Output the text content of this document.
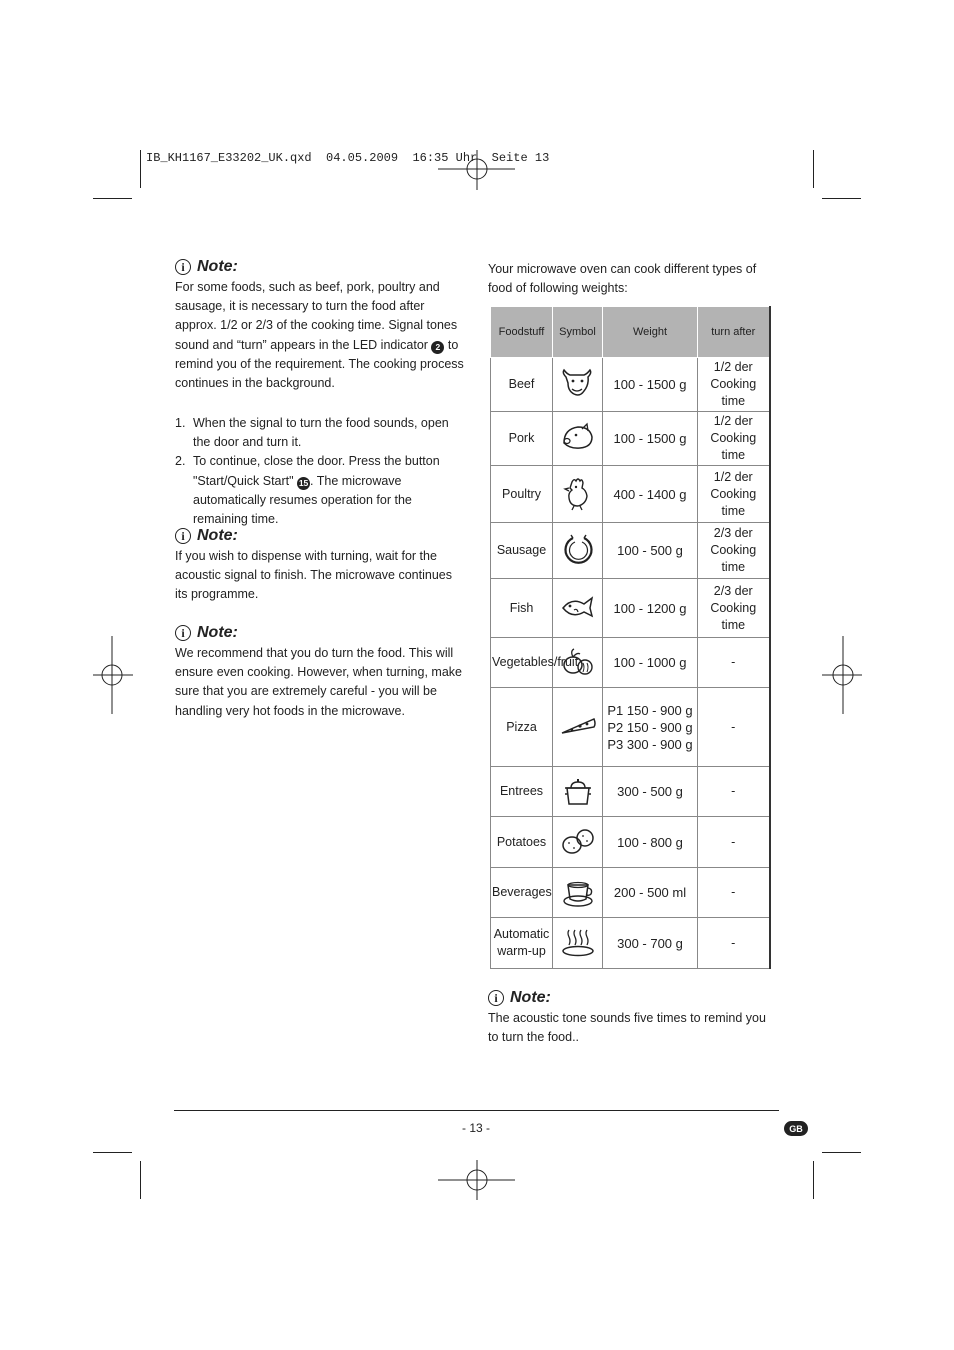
IB_KH1167_E33202_UK.qxd  04.05.2009  16:35 Uhr  Seite 13
i Note:
For some foods, such as beef, pork, poultry and sausage, it is necessary to turn the food after approx. 1/2 or 2/3 of the cooking time. Signal tones sound and “turn” appears in the LED indicator 2 to remind you of the requirement. The cooking process continues in the background.
1. When the signal to turn the food sounds, open the door and turn it.
2. To continue, close the door. Press the button "Start/Quick Start" 15 . The microwave automatically resumes operation for the remaining time.
i Note:
If you wish to dispense with turning, wait for the acoustic signal to finish. The microwave continues its programme.
i Note:
We recommend that you do turn the food. This will ensure even cooking. However, when turning, make sure that you are extremely careful - you will be handling very hot foods in the microwave.
Your microwave oven can cook different types of food of following weights:
Foodstuff	Symbol	Weight	turn after
Beef		100 - 1500 g	1/2 der
Cooking
time

Pork		100 - 1500 g	1/2 der
Cooking
time

Poultry		400 - 1400 g	1/2 der
Cooking
time

Sausage		100 - 500 g	2/3 der
Cooking
time

Fish		100 - 1200 g	2/3 der
Cooking
time

Vegetables/fruit		100 - 1000 g	-

Pizza		P1 150 - 900 g
P2 150 - 900 g
P3 300 - 900 g	-

Entrees		300 - 500 g	-

Potatoes		100 - 800 g	-

Beverages		200 - 500 ml	-

Automatic warm-up		300 - 700 g	-
i Note:
The acoustic tone sounds five times to remind you to turn the food..
- 13 -	GB
